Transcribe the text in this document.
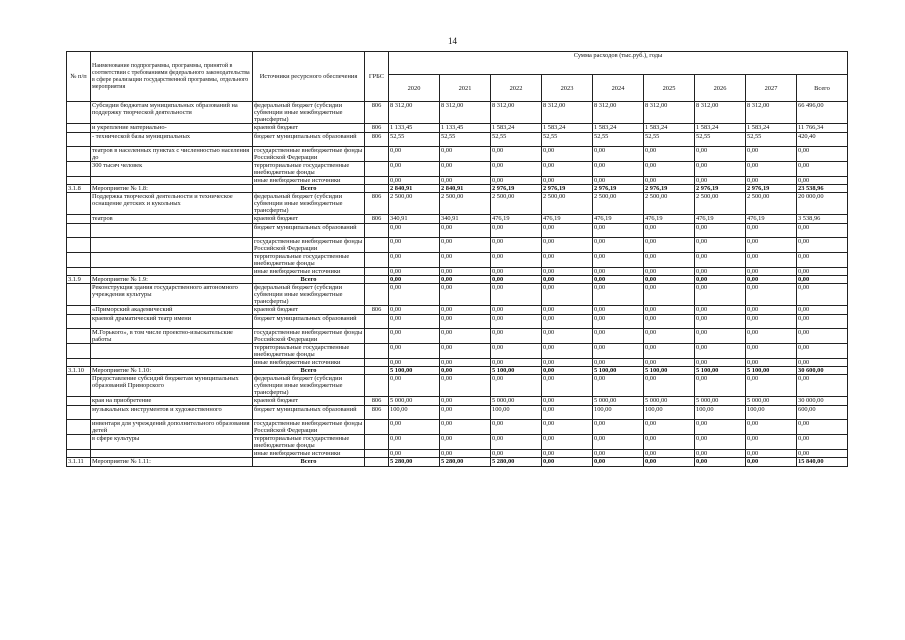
14
№ п/п	Наименование подпрограммы, программы, принятой в соответствии с требованиями федерального законодательства в сфере реализации государственной программы, отдельного мероприятия	Источники ресурсного обеспечения	ГРБС	Сумма расходов (тыс.руб.), годы								
				2020	2021	2022	2023	2024	2025	2026	2027	Всего
	Субсидии бюджетам муниципальных образований на поддержку творческой деятельности	федеральный бюджет (субсидии субвенции иные межбюджетные трансферты)	806	8 312,00	8 312,00	8 312,00	8 312,00	8 312,00	8 312,00	8 312,00	8 312,00	66 496,00
	и укрепление материально-	краевой бюджет	806	1 133,45	1 133,45	1 583,24	1 583,24	1 583,24	1 583,24	1 583,24	1 583,24	11 766,34
	- технической базы муниципальных	бюджет муниципальных образований	806	52,55	52,55	52,55	52,55	52,55	52,55	52,55	52,55	420,40
	театров в населенных пунктах с численностью населения до	государственные внебюджетные фонды Российской Федерации		0,00	0,00	0,00	0,00	0,00	0,00	0,00	0,00	0,00
	300 тысяч человек	территориальные государственные внебюджетные фонды		0,00	0,00	0,00	0,00	0,00	0,00	0,00	0,00	0,00
		иные внебюджетные источники		0,00	0,00	0,00	0,00	0,00	0,00	0,00	0,00	0,00
3.1.8	Мероприятие № 1.8:	Всего		2 840,91	2 840,91	2 976,19	2 976,19	2 976,19	2 976,19	2 976,19	2 976,19	23 538,96
	Поддержка творческой деятельности и техническое оснащение детских и кукольных	федеральный бюджет (субсидии субвенции иные межбюджетные трансферты)	806	2 500,00	2 500,00	2 500,00	2 500,00	2 500,00	2 500,00	2 500,00	2 500,00	20 000,00
	театров	краевой бюджет	806	340,91	340,91	476,19	476,19	476,19	476,19	476,19	476,19	3 538,96
		бюджет муниципальных образований		0,00	0,00	0,00	0,00	0,00	0,00	0,00	0,00	0,00
		государственные внебюджетные фонды Российской Федерации		0,00	0,00	0,00	0,00	0,00	0,00	0,00	0,00	0,00
		территориальные государственные внебюджетные фонды		0,00	0,00	0,00	0,00	0,00	0,00	0,00	0,00	0,00
		иные внебюджетные источники		0,00	0,00	0,00	0,00	0,00	0,00	0,00	0,00	0,00
3.1.9	Мероприятие № 1.9:	Всего		0,00	0,00	0,00	0,00	0,00	0,00	0,00	0,00	0,00
	Реконструкция здания государственного автономного учреждения культуры	федеральный бюджет (субсидии субвенции иные межбюджетные трансферты)		0,00	0,00	0,00	0,00	0,00	0,00	0,00	0,00	0,00
	«Приморский академический	краевой бюджет	806	0,00	0,00	0,00	0,00	0,00	0,00	0,00	0,00	0,00
	краевой драматический театр имени	бюджет муниципальных образований		0,00	0,00	0,00	0,00	0,00	0,00	0,00	0,00	0,00
	М.Горького», в том числе проектно-изыскательские работы	государственные внебюджетные фонды Российской Федерации		0,00	0,00	0,00	0,00	0,00	0,00	0,00	0,00	0,00
		территориальные государственные внебюджетные фонды		0,00	0,00	0,00	0,00	0,00	0,00	0,00	0,00	0,00
		иные внебюджетные источники		0,00	0,00	0,00	0,00	0,00	0,00	0,00	0,00	0,00
3.1.10	Мероприятие № 1.10:	Всего		5 100,00	0,00	5 100,00	0,00	5 100,00	5 100,00	5 100,00	5 100,00	30 600,00
	Предоставление субсидий бюджетам муниципальных образований Приморского	федеральный бюджет (субсидии субвенции иные межбюджетные трансферты)		0,00	0,00	0,00	0,00	0,00	0,00	0,00	0,00	0,00
	края на приобретение	краевой бюджет	806	5 000,00	0,00	5 000,00	0,00	5 000,00	5 000,00	5 000,00	5 000,00	30 000,00
	музыкальных инструментов и художественного	бюджет муниципальных образований	806	100,00	0,00	100,00	0,00	100,00	100,00	100,00	100,00	600,00
	инвентаря для учреждений дополнительного образования детей	государственные внебюджетные фонды Российской Федерации		0,00	0,00	0,00	0,00	0,00	0,00	0,00	0,00	0,00
	в сфере культуры	территориальные государственные внебюджетные фонды		0,00	0,00	0,00	0,00	0,00	0,00	0,00	0,00	0,00
		иные внебюджетные источники		0,00	0,00	0,00	0,00	0,00	0,00	0,00	0,00	0,00
3.1.11	Мероприятие № 1.11:	Всего		5 280,00	5 280,00	5 280,00	0,00	0,00	0,00	0,00	0,00	15 840,00
